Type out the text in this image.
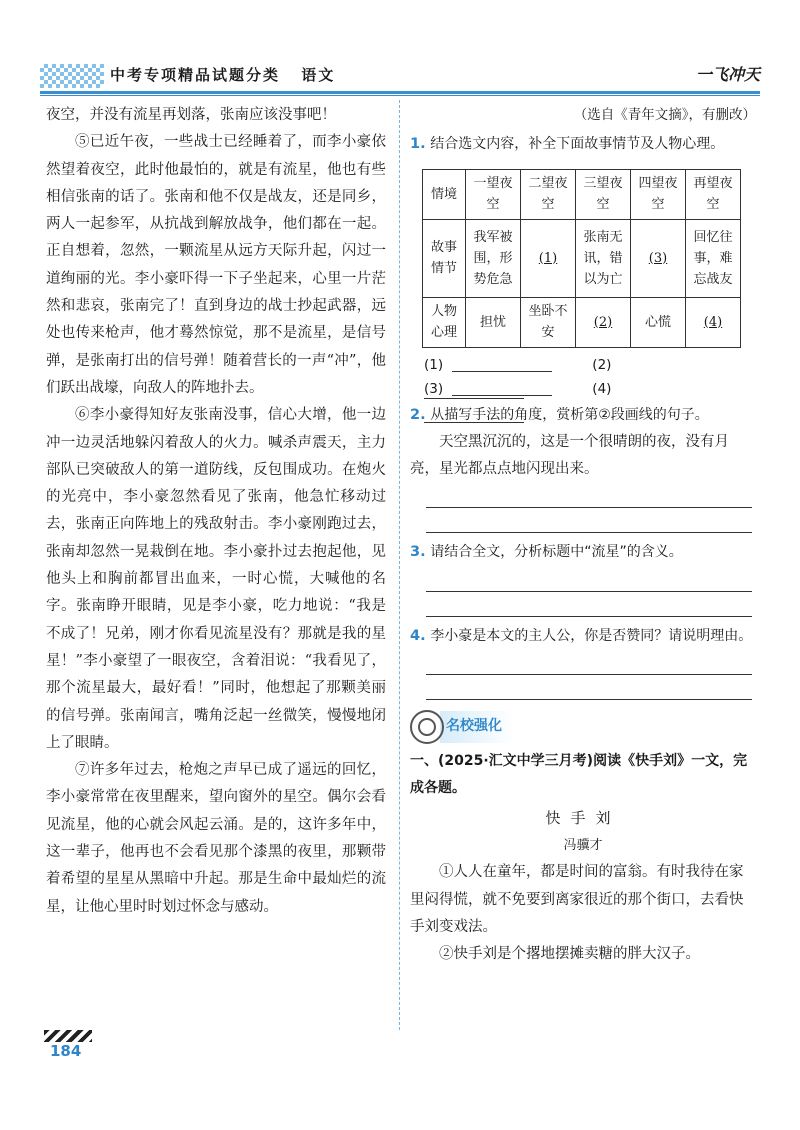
中考专项精品试题分类 语文	一飞冲天

夜空，并没有流星再划落，张南应该没事吧！

⑤已近午夜，一些战士已经睡着了，而李小豪依然望着夜空，此时他最怕的，就是有流星，他也有些相信张南的话了。张南和他不仅是战友，还是同乡，两人一起参军，从抗战到解放战争，他们都在一起。正自想着，忽然，一颗流星从远方天际升起，闪过一道绚丽的光。李小豪吓得一下子坐起来，心里一片茫然和悲哀，张南完了！直到身边的战士抄起武器，远处也传来枪声，他才蓦然惊觉，那不是流星，是信号弹，是张南打出的信号弹！随着营长的一声“冲”，他们跃出战壕，向敌人的阵地扑去。

⑥李小豪得知好友张南没事，信心大增，他一边冲一边灵活地躲闪着敌人的火力。喊杀声震天，主力部队已突破敌人的第一道防线，反包围成功。在炮火的光亮中，李小豪忽然看见了张南，他急忙移动过去，张南正向阵地上的残敌射击。李小豪刚跑过去，张南却忽然一晃栽倒在地。李小豪扑过去抱起他，见他头上和胸前都冒出血来，一时心慌，大喊他的名字。张南睁开眼睛，见是李小豪，吃力地说：“我是不成了！兄弟，刚才你看见流星没有？那就是我的星星！”李小豪望了一眼夜空，含着泪说：“我看见了，那个流星最大，最好看！”同时，他想起了那颗美丽的信号弹。张南闻言，嘴角泛起一丝微笑，慢慢地闭上了眼睛。

⑦许多年过去，枪炮之声早已成了遥远的回忆，李小豪常常在夜里醒来，望向窗外的星空。偶尔会看见流星，他的心就会风起云涌。是的，这许多年中，这一辈子，他再也不会看见那个漆黑的夜里，那颗带着希望的星星从黑暗中升起。那是生命中最灿烂的流星，让他心里时时划过怀念与感动。

（选自《青年文摘》，有删改）
1. 结合选文内容，补全下面故事情节及人物心理。
情境	一望夜空	二望夜空	三望夜空	四望夜空	再望夜空
故事情节	我军被围，形势危急	(1)	张南无讯，错以为亡	(3)	回忆往事，难忘战友
人物心理	担忧	坐卧不安	(2)	心慌	(4)
(1)	(2)
(3)	(4)
2. 从描写手法的角度，赏析第②段画线的句子。

天空黑沉沉的，这是一个很晴朗的夜，没有月亮，星光都点点地闪现出来。

3. 请结合全文，分析标题中“流星”的含义。
4. 李小豪是本文的主人公，你是否赞同？请说明理由。
名校强化
一、(2025·汇文中学三月考)阅读《快手刘》一文，完成各题。
快手刘
冯骥才

①人人在童年，都是时间的富翁。有时我待在家里闷得慌，就不免要到离家很近的那个街口，去看快手刘变戏法。

②快手刘是个撂地摆摊卖糖的胖大汉子。

184
